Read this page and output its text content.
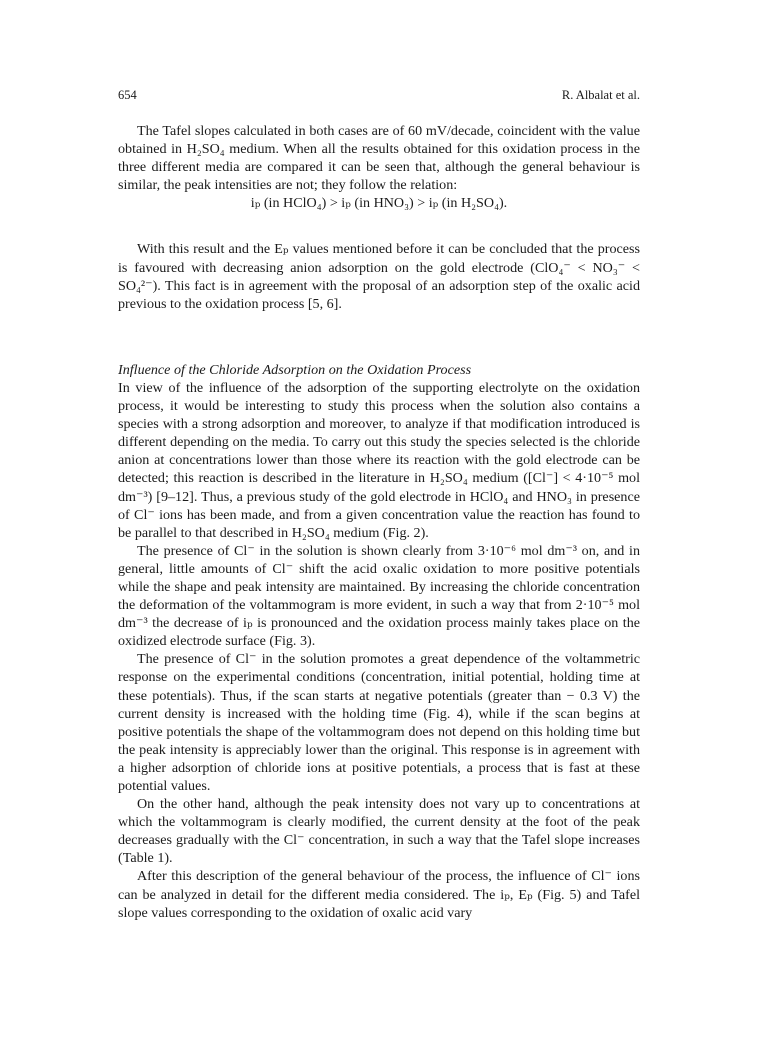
654	R. Albalat et al.

The Tafel slopes calculated in both cases are of 60 mV/decade, coincident with the value obtained in H₂SO₄ medium. When all the results obtained for this oxidation process in the three different media are compared it can be seen that, although the general behaviour is similar, the peak intensities are not; they follow the relation:

iₚ (in HClO₄) > iₚ (in HNO₃) > iₚ (in H₂SO₄).

With this result and the Eₚ values mentioned before it can be concluded that the process is favoured with decreasing anion adsorption on the gold electrode (ClO₄⁻ < NO₃⁻ < SO₄²⁻). This fact is in agreement with the proposal of an adsorption step of the oxalic acid previous to the oxidation process [5, 6].

Influence of the Chloride Adsorption on the Oxidation Process

In view of the influence of the adsorption of the supporting electrolyte on the oxidation process, it would be interesting to study this process when the solution also contains a species with a strong adsorption and moreover, to analyze if that modification introduced is different depending on the media. To carry out this study the species selected is the chloride anion at concentrations lower than those where its reaction with the gold electrode can be detected; this reaction is described in the literature in H₂SO₄ medium ([Cl⁻] < 4·10⁻⁵ mol dm⁻³) [9–12]. Thus, a previous study of the gold electrode in HClO₄ and HNO₃ in presence of Cl⁻ ions has been made, and from a given concentration value the reaction has found to be parallel to that described in H₂SO₄ medium (Fig. 2).

The presence of Cl⁻ in the solution is shown clearly from 3·10⁻⁶ mol dm⁻³ on, and in general, little amounts of Cl⁻ shift the acid oxalic oxidation to more positive potentials while the shape and peak intensity are maintained. By increasing the chloride concentration the deformation of the voltammogram is more evident, in such a way that from 2·10⁻⁵ mol dm⁻³ the decrease of iₚ is pronounced and the oxidation process mainly takes place on the oxidized electrode surface (Fig. 3).

The presence of Cl⁻ in the solution promotes a great dependence of the voltammetric response on the experimental conditions (concentration, initial potential, holding time at these potentials). Thus, if the scan starts at negative potentials (greater than − 0.3 V) the current density is increased with the holding time (Fig. 4), while if the scan begins at positive potentials the shape of the voltammogram does not depend on this holding time but the peak intensity is appreciably lower than the original. This response is in agreement with a higher adsorption of chloride ions at positive potentials, a process that is fast at these potential values.

On the other hand, although the peak intensity does not vary up to concentrations at which the voltammogram is clearly modified, the current density at the foot of the peak decreases gradually with the Cl⁻ concentration, in such a way that the Tafel slope increases (Table 1).

After this description of the general behaviour of the process, the influence of Cl⁻ ions can be analyzed in detail for the different media considered. The iₚ, Eₚ (Fig. 5) and Tafel slope values corresponding to the oxidation of oxalic acid vary
